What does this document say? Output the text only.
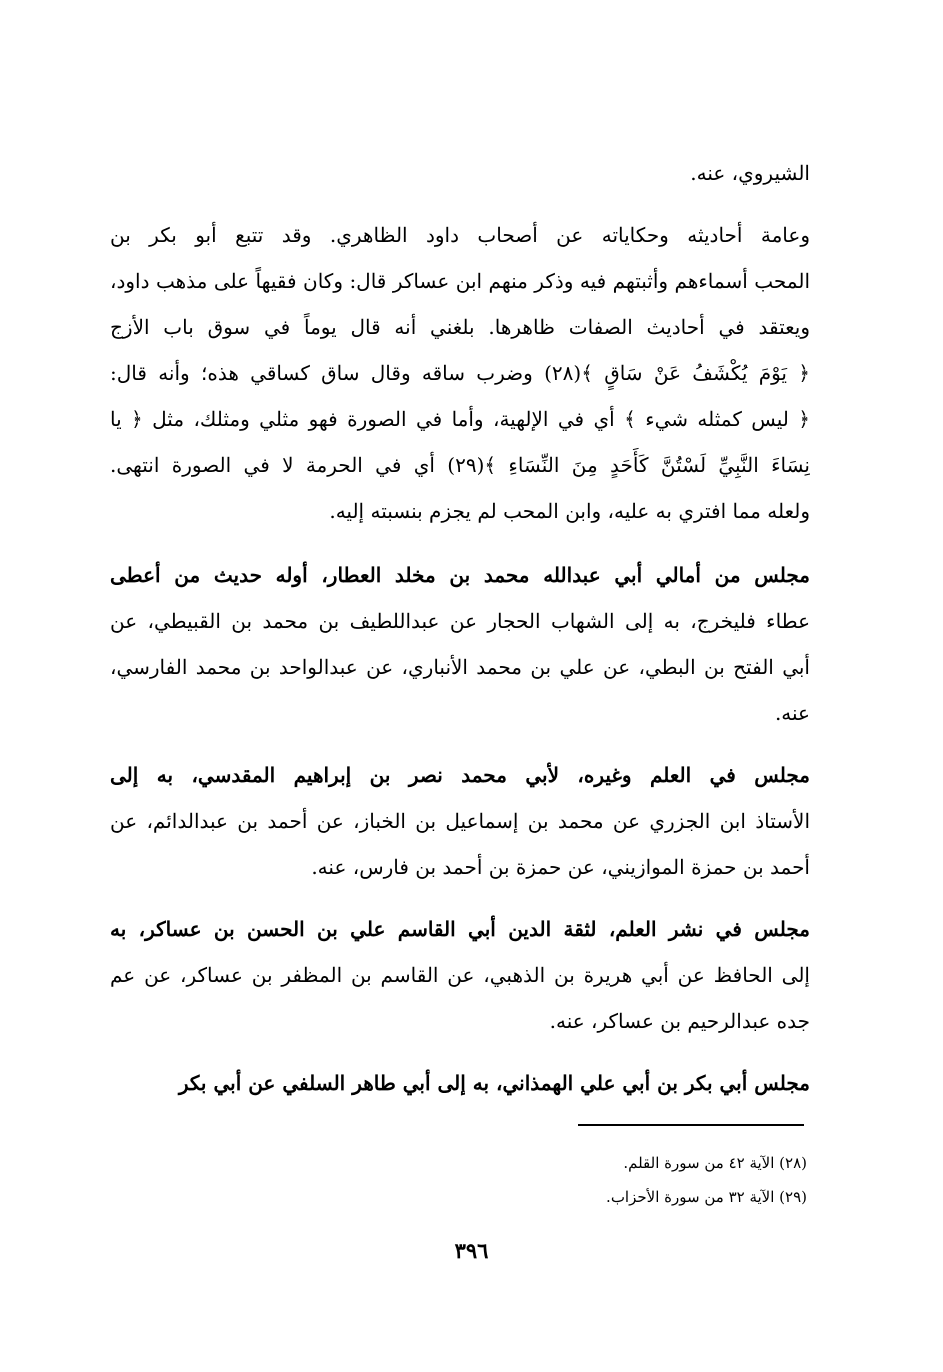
الشيروي، عنه.
وعامة أحاديثه وحكاياته عن أصحاب داود الظاهري. وقد تتبع أبو بكر بن
المحب أسماءهم وأثبتهم فيه وذكر منهم ابن عساكر قال: وكان فقيهاً على مذهب داود،
ويعتقد في أحاديث الصفات ظاهرها. بلغني أنه قال يوماً في سوق باب الأزج
﴿ يَوْمَ يُكْشَفُ عَنْ سَاقٍ ﴾(٢٨) وضرب ساقه وقال ساق كساقي هذه؛ وأنه قال:
﴿ ليس كمثله شيء ﴾ أي في الإلهية، وأما في الصورة فهو مثلي ومثلك، مثل ﴿ يا
نِسَاءَ النَّبِيِّ لَسْتُنَّ كَأَحَدٍ مِنَ النِّسَاءِ ﴾(٢٩) أي في الحرمة لا في الصورة انتهى.
ولعله مما افتري به عليه، وابن المحب لم يجزم بنسبته إليه.
مجلس من أمالي أبي عبدالله محمد بن مخلد العطار، أوله حديث من أعطى
عطاء فليخرج، به إلى الشهاب الحجار عن عبداللطيف بن محمد بن القبيطي، عن
أبي الفتح بن البطي، عن علي بن محمد الأنباري، عن عبدالواحد بن محمد الفارسي،
عنه.
مجلس في العلم وغيره، لأبي محمد نصر بن إبراهيم المقدسي، به إلى
الأستاذ ابن الجزري عن محمد بن إسماعيل بن الخباز، عن أحمد بن عبدالدائم، عن
أحمد بن حمزة الموازيني، عن حمزة بن أحمد بن فارس، عنه.
مجلس في نشر العلم، لثقة الدين أبي القاسم علي بن الحسن بن عساكر، به
إلى الحافظ عن أبي هريرة بن الذهبي، عن القاسم بن المظفر بن عساكر، عن عم
جده عبدالرحيم بن عساكر، عنه.
مجلس أبي بكر بن أبي علي الهمذاني، به إلى أبي طاهر السلفي عن أبي بكر
(٢٨) الآية ٤٢ من سورة القلم.
(٢٩) الآية ٣٢ من سورة الأحزاب.
٣٩٦
